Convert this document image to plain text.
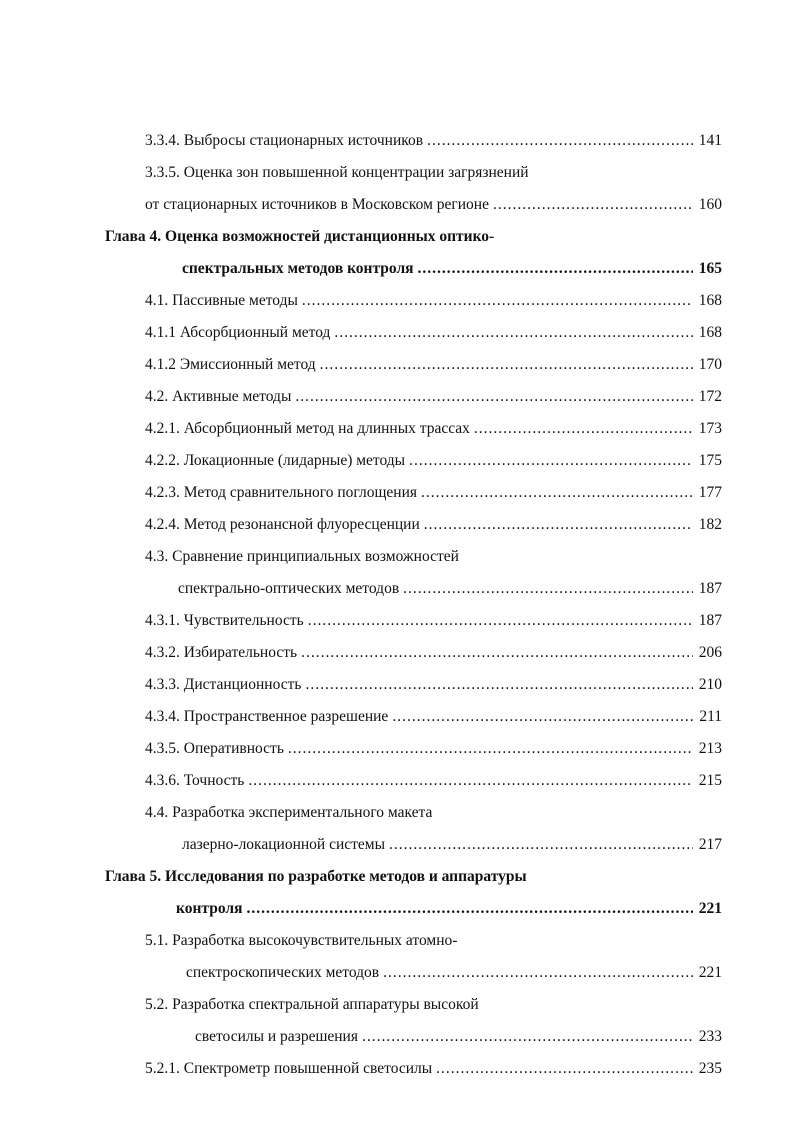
3.3.4. Выбросы стационарных источников .....	141
3.3.5. Оценка зон повышенной концентрации загрязнений
от стационарных источников в Московском регионе .....	160
Глава 4. Оценка возможностей дистанционных оптико-
спектральных методов контроля .....	165
4.1. Пассивные методы .....	168
4.1.1 Абсорбционный метод .....	168
4.1.2 Эмиссионный метод .....	170
4.2. Активные методы .....	172
4.2.1. Абсорбционный метод на длинных трассах .....	173
4.2.2. Локационные (лидарные) методы .....	175
4.2.3. Метод сравнительного поглощения .....	177
4.2.4. Метод резонансной флуоресценции .....	182
4.3. Сравнение принципиальных возможностей
спектрально-оптических методов .....	187
4.3.1. Чувствительность .....	187
4.3.2. Избирательность .....	206
4.3.3. Дистанционность .....	210
4.3.4. Пространственное разрешение .....	211
4.3.5. Оперативность .....	213
4.3.6. Точность .....	215
4.4. Разработка экспериментального макета
лазерно-локационной системы .....	217
Глава 5. Исследования по разработке методов и аппаратуры
контроля .....	221
5.1. Разработка высокочувствительных атомно-
спектроскопических методов .....	221
5.2. Разработка спектральной аппаратуры высокой
светосилы и разрешения .....	233
5.2.1. Спектрометр повышенной светосилы .....	235
